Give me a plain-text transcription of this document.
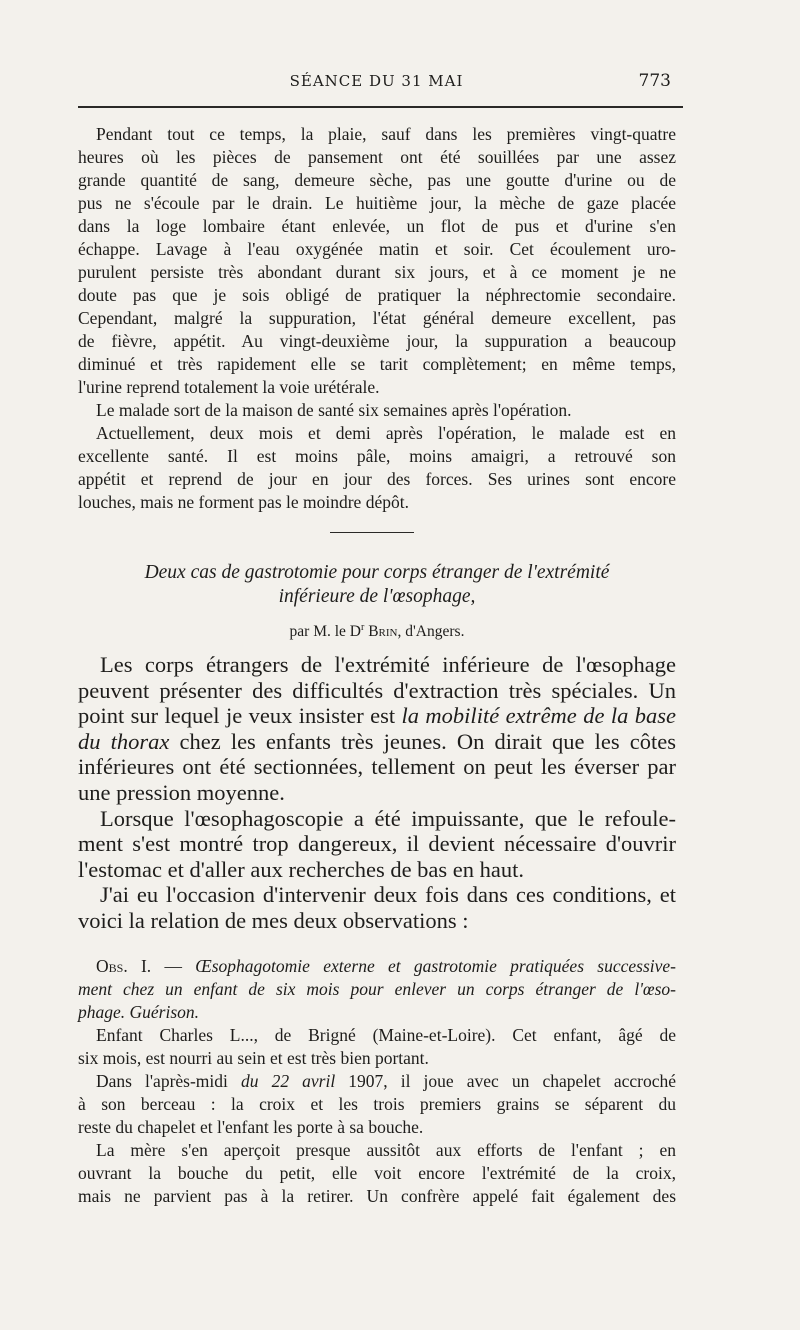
SÉANCE DU 31 MAI	773
Pendant tout ce temps, la plaie, sauf dans les premières vingt-quatre
heures où les pièces de pansement ont été souillées par une assez
grande quantité de sang, demeure sèche, pas une goutte d'urine ou de
pus ne s'écoule par le drain. Le huitième jour, la mèche de gaze placée
dans la loge lombaire étant enlevée, un flot de pus et d'urine s'en
échappe. Lavage à l'eau oxygénée matin et soir. Cet écoulement uro-
purulent persiste très abondant durant six jours, et à ce moment je ne
doute pas que je sois obligé de pratiquer la néphrectomie secondaire.
Cependant, malgré la suppuration, l'état général demeure excellent, pas
de fièvre, appétit. Au vingt-deuxième jour, la suppuration a beaucoup
diminué et très rapidement elle se tarit complètement; en même temps,
l'urine reprend totalement la voie urétérale.
Le malade sort de la maison de santé six semaines après l'opération.
Actuellement, deux mois et demi après l'opération, le malade est en
excellente santé. Il est moins pâle, moins amaigri, a retrouvé son
appétit et reprend de jour en jour des forces. Ses urines sont encore
louches, mais ne forment pas le moindre dépôt.
Deux cas de gastrotomie pour corps étranger de l'extrémité
inférieure de l'œsophage,
par M. le $D^r$ Brin, d'Angers.
Les corps étrangers de l'extrémité inférieure de l'œsophage
peuvent présenter des difficultés d'extraction très spéciales. Un
point sur lequel je veux insister est la mobilité extrême de la base
du thorax chez les enfants très jeunes. On dirait que les côtes
inférieures ont été sectionnées, tellement on peut les éverser par
une pression moyenne.
Lorsque l'œsophagoscopie a été impuissante, que le refoule-
ment s'est montré trop dangereux, il devient nécessaire d'ouvrir
l'estomac et d'aller aux recherches de bas en haut.
J'ai eu l'occasion d'intervenir deux fois dans ces conditions, et
voici la relation de mes deux observations :
Obs. I. — Œsophagotomie externe et gastrotomie pratiquées successive-
ment chez un enfant de six mois pour enlever un corps étranger de l'œso-
phage. Guérison.
Enfant Charles L..., de Brigné (Maine-et-Loire). Cet enfant, âgé de
six mois, est nourri au sein et est très bien portant.
Dans l'après-midi du 22 avril 1907, il joue avec un chapelet accroché
à son berceau : la croix et les trois premiers grains se séparent du
reste du chapelet et l'enfant les porte à sa bouche.
La mère s'en aperçoit presque aussitôt aux efforts de l'enfant ; en
ouvrant la bouche du petit, elle voit encore l'extrémité de la croix,
mais ne parvient pas à la retirer. Un confrère appelé fait également des
